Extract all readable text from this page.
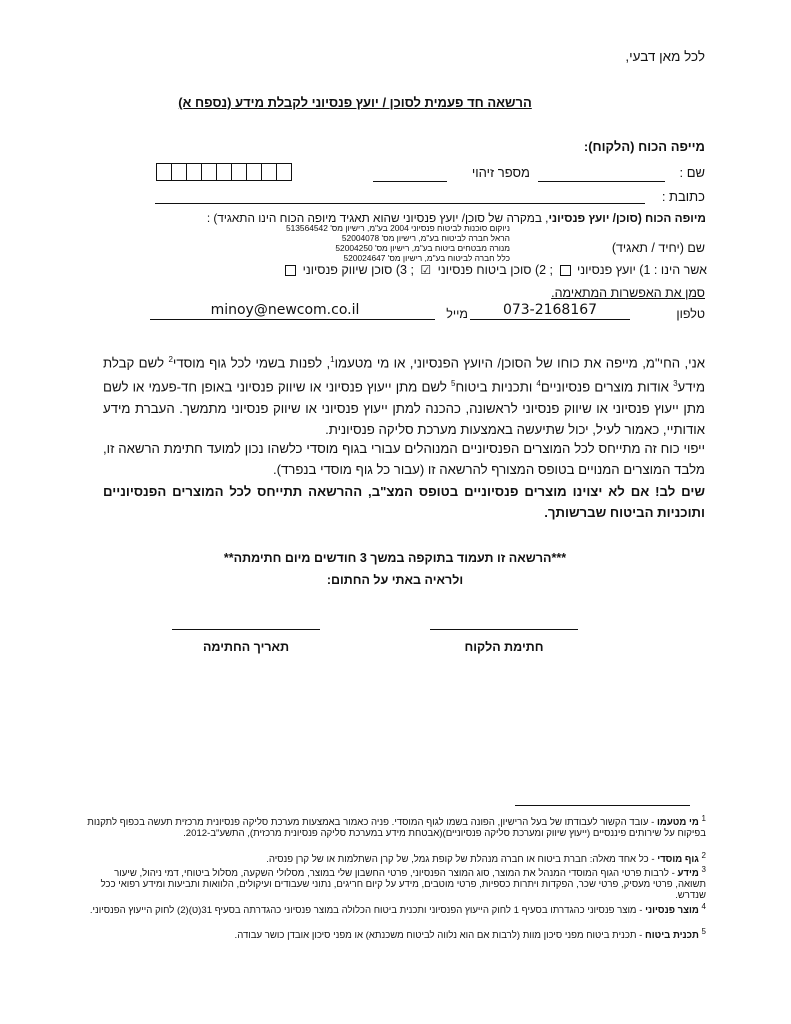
לכל מאן דבעי,
הרשאה חד פעמית לסוכן / יועץ פנסיוני לקבלת מידע (נספח א)
מייפה הכוח (הלקוח):
שם :
מספר זיהוי
כתובת :
מיופה הכוח (סוכן/ יועץ פנסיוני, במקרה של סוכן/ יועץ פנסיוני שהוא תאגיד מיופה הכוח הינו התאגיד) :
שם (יחיד / תאגיד)
ניוקום סוכנות לביטוח פנסיוני 2004 בע"מ, רישיון מס' 513564542
הראל חברה לביטוח בע"מ, רישיון מס' 52004078
מנורה מבטחים ביטוח בע"מ, רישיון מס' 52004250
כלל חברה לביטוח בע"מ, רישיון מס' 520024647
אשר הינו : 1) יועץ פנסיוני  ; 2) סוכן ביטוח פנסיוני ☑ ; 3) סוכן שיווק פנסיוני
סמן את האפשרות המתאימה.
טלפון
073-2168167
מייל
minoy@newcom.co.il
אני, החי"מ, מייפה את כוחו של הסוכן/ היועץ הפנסיוני, או מי מטעמו$^1$, לפנות בשמי לכל גוף מוסדי$^2$ לשם קבלת מידע$^3$ אודות מוצרים פנסיוניים$^4$ ותכניות ביטוח$^5$ לשם מתן ייעוץ פנסיוני או שיווק פנסיוני באופן חד-פעמי או לשם מתן ייעוץ פנסיוני או שיווק פנסיוני לראשונה, כהכנה למתן ייעוץ פנסיוני או שיווק פנסיוני מתמשך. העברת מידע אודותיי, כאמור לעיל, יכול שתיעשה באמצעות מערכת סליקה פנסיונית.
ייפוי כוח זה מתייחס לכל המוצרים הפנסיוניים המנוהלים עבורי בגוף מוסדי כלשהו נכון למועד חתימת הרשאה זו, מלבד המוצרים המנויים בטופס המצורף להרשאה זו (עבור כל גוף מוסדי בנפרד).
שים לב! אם לא יצוינו מוצרים פנסיוניים בטופס המצ"ב, ההרשאה תתייחס לכל המוצרים הפנסיוניים ותוכניות הביטוח שברשותך.
***הרשאה זו תעמוד בתוקפה במשך 3 חודשים מיום חתימתה**
ולראיה באתי על החתום:
חתימת הלקוח
תאריך החתימה
$^1$ מי מטעמו - עובד הקשור לעבודתו של בעל הרישיון, הפונה בשמו לגוף המוסדי. פניה כאמור באמצעות מערכת סליקה פנסיונית מרכזית תעשה בכפוף לתקנות בפיקוח על שירותים פיננסיים (ייעוץ שיווק ומערכת סליקה פנסיוניים)(אבטחת מידע במערכת סליקה פנסיונית מרכזית), התשע"ב-2012.
$^2$ גוף מוסדי - כל אחד מאלה: חברת ביטוח או חברה מנהלת של קופת גמל, של קרן השתלמות או של קרן פנסיה.
$^3$ מידע - לרבות פרטי הגוף המוסדי המנהל את המוצר, סוג המוצר הפנסיוני, פרטי החשבון שלי במוצר, מסלולי השקעה, מסלול ביטוחי, דמי ניהול, שיעור תשואה, פרטי מעסיק, פרטי שכר, הפקדות ויתרות כספיות, פרטי מוטבים, מידע על קיום חריגים, נתוני שעבודים ועיקולים, הלוואות ותביעות ומידע רפואי ככל שנדרש.
$^4$ מוצר פנסיוני - מוצר פנסיוני כהגדרתו בסעיף 1 לחוק הייעוץ הפנסיוני ותכנית ביטוח הכלולה במוצר פנסיוני כהגדרתה בסעיף 31(ט)(2) לחוק הייעוץ הפנסיוני.
$^5$ תכנית ביטוח - תכנית ביטוח מפני סיכון מוות (לרבות אם הוא נלווה לביטוח משכנתא) או מפני סיכון אובדן כושר עבודה.
